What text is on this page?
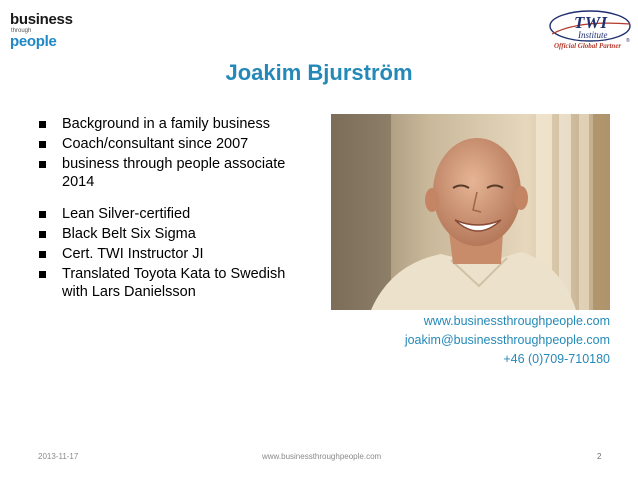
business
through
people
TWI
Institute
®
Official Global Partner
Joakim Bjurström
Background in a family business
Coach/consultant since 2007
business through people associate 2014
Lean Silver-certified
Black Belt Six Sigma
Cert. TWI Instructor JI
Translated Toyota Kata to Swedish with Lars Danielsson
www.businessthroughpeople.com
joakim@businessthroughpeople.com
+46 (0)709-710180
2013-11-17	www.businessthroughpeople.com	2
